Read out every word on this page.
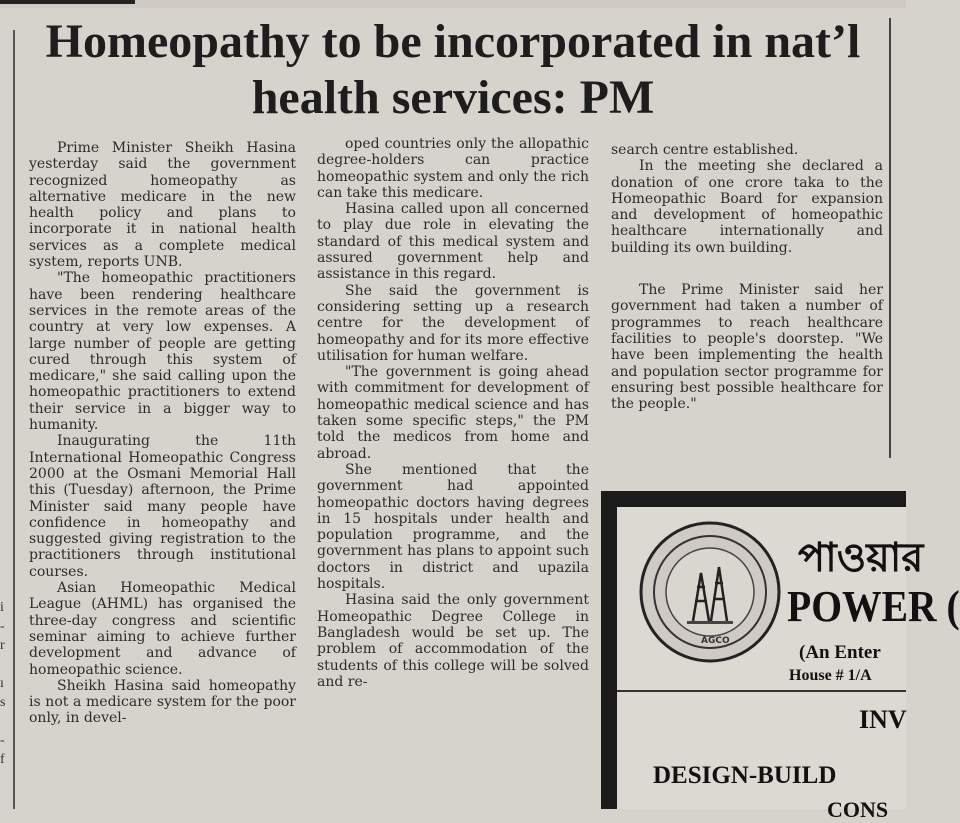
i
-
r

ı
s

-
f
Homeopathy to be incorporated in nat’l health services: PM

Prime Minister Sheikh Hasina yesterday said the government recognized homeopathy as alternative medicare in the new health policy and plans to incorporate it in national health services as a complete medical system, reports UNB.

"The homeopathic practitioners have been rendering healthcare services in the remote areas of the country at very low expenses. A large number of people are getting cured through this system of medicare," she said calling upon the homeopathic practitioners to extend their service in a bigger way to humanity.

Inaugurating the 11th International Homeopathic Congress 2000 at the Osmani Memorial Hall this (Tuesday) afternoon, the Prime Minister said many people have confidence in homeopathy and suggested giving registration to the practitioners through institutional courses.

Asian Homeopathic Medical League (AHML) has organised the three-day congress and scientific seminar aiming to achieve further development and advance of homeopathic science.

Sheikh Hasina said homeopathy is not a medicare system for the poor only, in devel-

oped countries only the allopathic degree-holders can practice homeopathic system and only the rich can take this medicare.

Hasina called upon all concerned to play due role in elevating the standard of this medical system and assured government help and assistance in this regard.

She said the government is considering setting up a research centre for the development of homeopathy and for its more effective utilisation for human welfare.

"The government is going ahead with commitment for development of homeopathic medical science and has taken some specific steps," the PM told the medicos from home and abroad.

She mentioned that the government had appointed homeopathic doctors having degrees in 15 hospitals under health and population programme, and the government has plans to appoint such doctors in district and upazila hospitals.

Hasina said the only government Homeopathic Degree College in Bangladesh would be set up. The problem of accommodation of the students of this college will be solved and re-

search centre established.

In the meeting she declared a donation of one crore taka to the Homeopathic Board for expansion and development of homeopathic healthcare internationally and building its own building.

The Prime Minister said her government had taken a number of programmes to reach healthcare facilities to people's doorstep. "We have been implementing the health and population sector programme for ensuring best possible healthcare for the people."

AGCO
পাওয়ার
POWER (
(An Enter
House # 1/A
INV
DESIGN-BUILD
CONS
